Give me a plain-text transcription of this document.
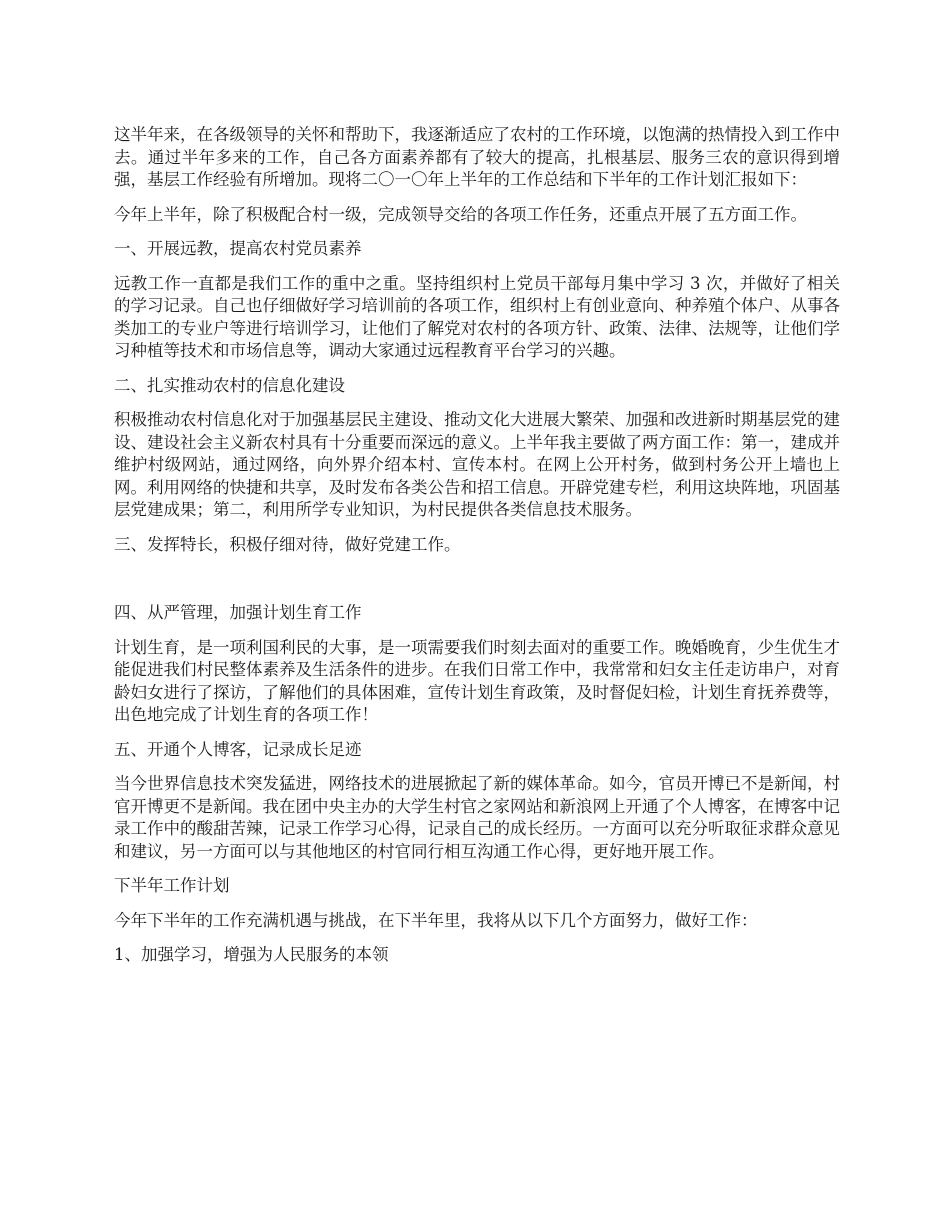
这半年来，在各级领导的关怀和帮助下，我逐渐适应了农村的工作环境，以饱满的热情投入到工作中去。通过半年多来的工作，自己各方面素养都有了较大的提高，扎根基层、服务三农的意识得到增强，基层工作经验有所增加。现将二〇一〇年上半年的工作总结和下半年的工作计划汇报如下：

今年上半年，除了积极配合村一级，完成领导交给的各项工作任务，还重点开展了五方面工作。

一、开展远教，提高农村党员素养

远教工作一直都是我们工作的重中之重。坚持组织村上党员干部每月集中学习 3 次，并做好了相关的学习记录。自己也仔细做好学习培训前的各项工作，组织村上有创业意向、种养殖个体户、从事各类加工的专业户等进行培训学习，让他们了解党对农村的各项方针、政策、法律、法规等，让他们学习种植等技术和市场信息等，调动大家通过远程教育平台学习的兴趣。

二、扎实推动农村的信息化建设

积极推动农村信息化对于加强基层民主建设、推动文化大进展大繁荣、加强和改进新时期基层党的建设、建设社会主义新农村具有十分重要而深远的意义。上半年我主要做了两方面工作：第一，建成并维护村级网站，通过网络，向外界介绍本村、宣传本村。在网上公开村务，做到村务公开上墙也上网。利用网络的快捷和共享，及时发布各类公告和招工信息。开辟党建专栏，利用这块阵地，巩固基层党建成果；第二，利用所学专业知识，为村民提供各类信息技术服务。

三、发挥特长，积极仔细对待，做好党建工作。

四、从严管理，加强计划生育工作

计划生育，是一项利国利民的大事，是一项需要我们时刻去面对的重要工作。晚婚晚育，少生优生才能促进我们村民整体素养及生活条件的进步。在我们日常工作中，我常常和妇女主任走访串户，对育龄妇女进行了探访，了解他们的具体困难，宣传计划生育政策，及时督促妇检，计划生育抚养费等，出色地完成了计划生育的各项工作！

五、开通个人博客，记录成长足迹

当今世界信息技术突发猛进，网络技术的进展掀起了新的媒体革命。如今，官员开博已不是新闻，村官开博更不是新闻。我在团中央主办的大学生村官之家网站和新浪网上开通了个人博客，在博客中记录工作中的酸甜苦辣，记录工作学习心得，记录自己的成长经历。一方面可以充分听取征求群众意见和建议，另一方面可以与其他地区的村官同行相互沟通工作心得，更好地开展工作。

下半年工作计划

今年下半年的工作充满机遇与挑战，在下半年里，我将从以下几个方面努力，做好工作：

1、加强学习，增强为人民服务的本领
